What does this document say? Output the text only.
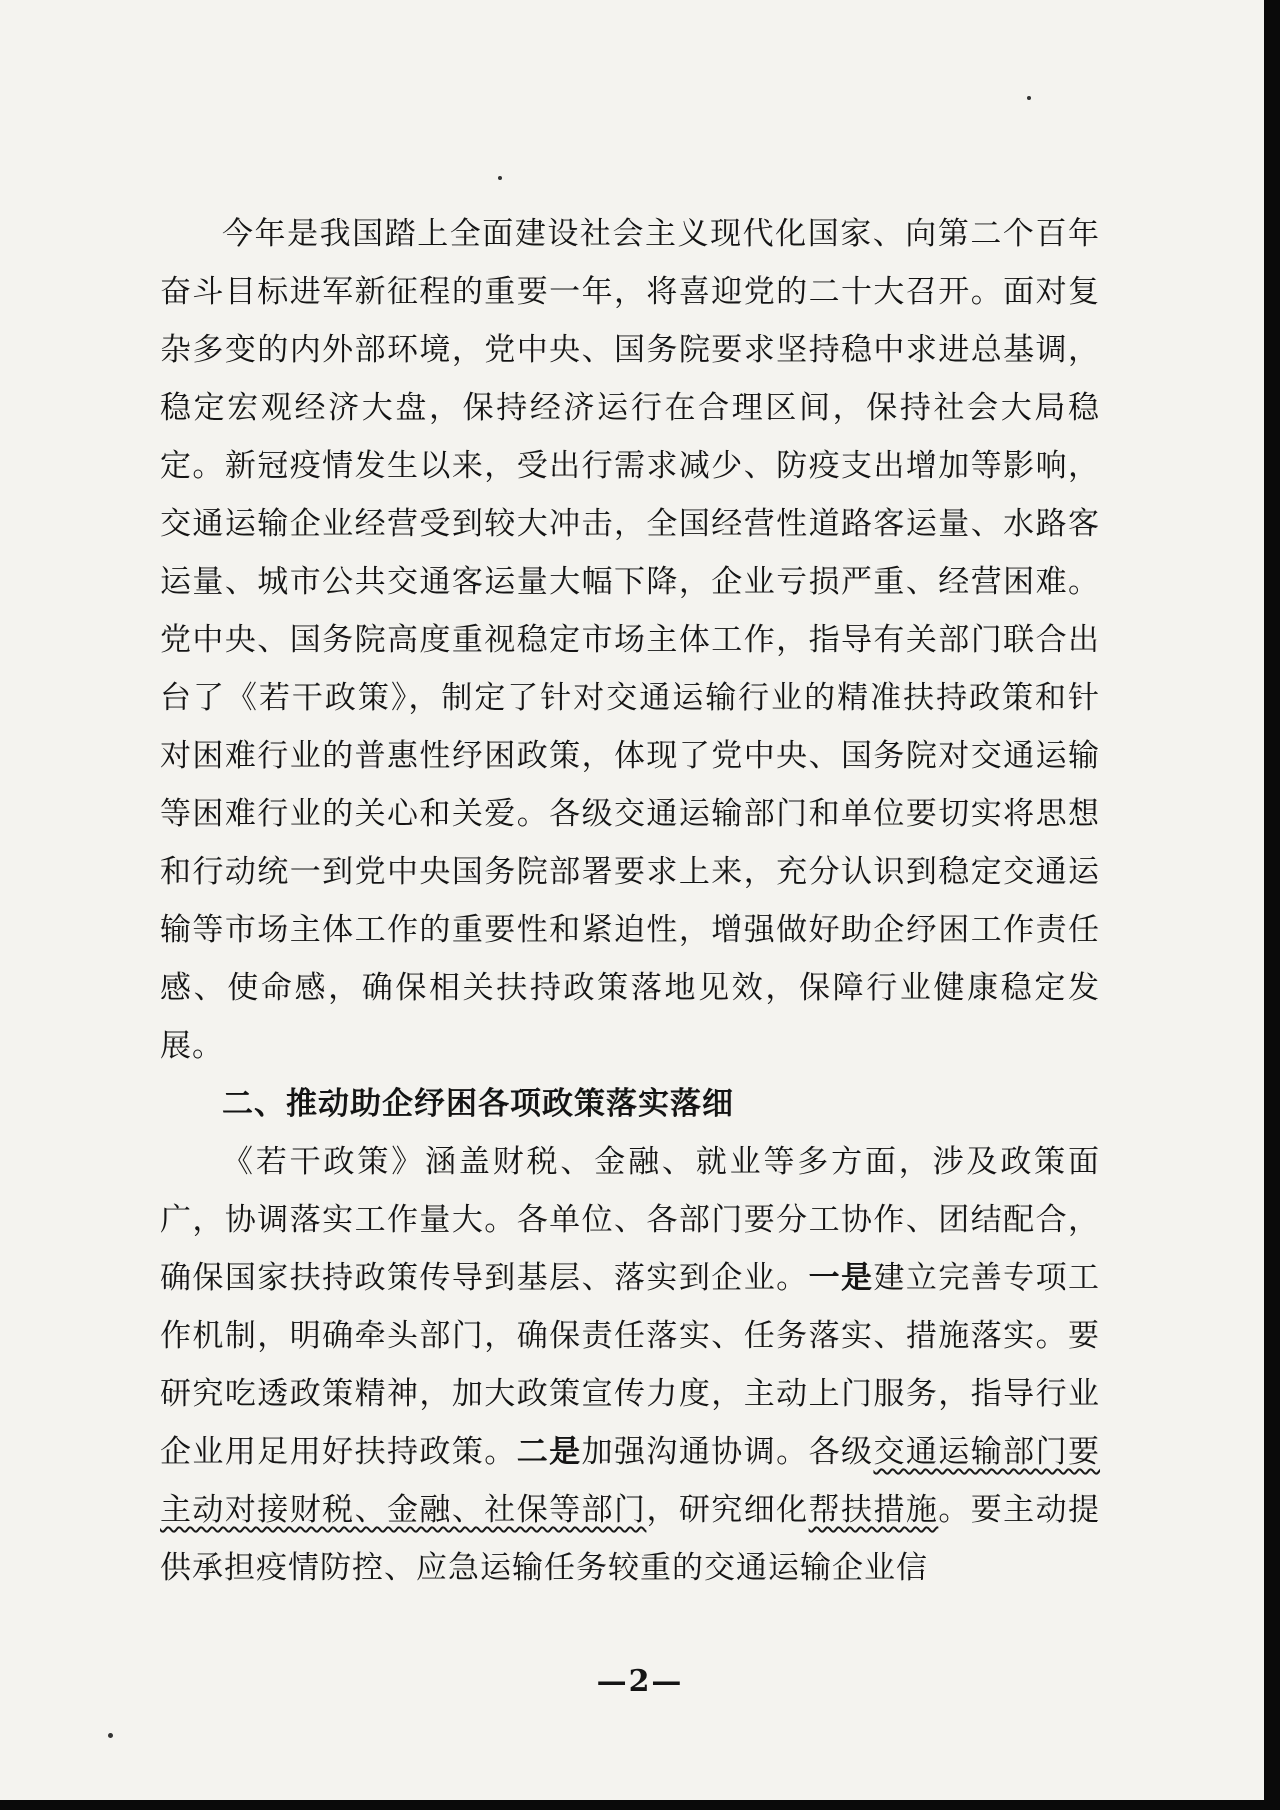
今年是我国踏上全面建设社会主义现代化国家、向第二个百年奋斗目标进军新征程的重要一年，将喜迎党的二十大召开。面对复杂多变的内外部环境，党中央、国务院要求坚持稳中求进总基调，稳定宏观经济大盘，保持经济运行在合理区间，保持社会大局稳定。新冠疫情发生以来，受出行需求减少、防疫支出增加等影响，交通运输企业经营受到较大冲击，全国经营性道路客运量、水路客运量、城市公共交通客运量大幅下降，企业亏损严重、经营困难。党中央、国务院高度重视稳定市场主体工作，指导有关部门联合出台了《若干政策》，制定了针对交通运输行业的精准扶持政策和针对困难行业的普惠性纾困政策，体现了党中央、国务院对交通运输等困难行业的关心和关爱。各级交通运输部门和单位要切实将思想和行动统一到党中央国务院部署要求上来，充分认识到稳定交通运输等市场主体工作的重要性和紧迫性，增强做好助企纾困工作责任感、使命感，确保相关扶持政策落地见效，保障行业健康稳定发展。

二、推动助企纾困各项政策落实落细

《若干政策》涵盖财税、金融、就业等多方面，涉及政策面广，协调落实工作量大。各单位、各部门要分工协作、团结配合，确保国家扶持政策传导到基层、落实到企业。一是建立完善专项工作机制，明确牵头部门，确保责任落实、任务落实、措施落实。要研究吃透政策精神，加大政策宣传力度，主动上门服务，指导行业企业用足用好扶持政策。二是加强沟通协调。各级交通运输部门要主动对接财税、金融、社保等部门，研究细化帮扶措施。要主动提供承担疫情防控、应急运输任务较重的交通运输企业信

—2—
